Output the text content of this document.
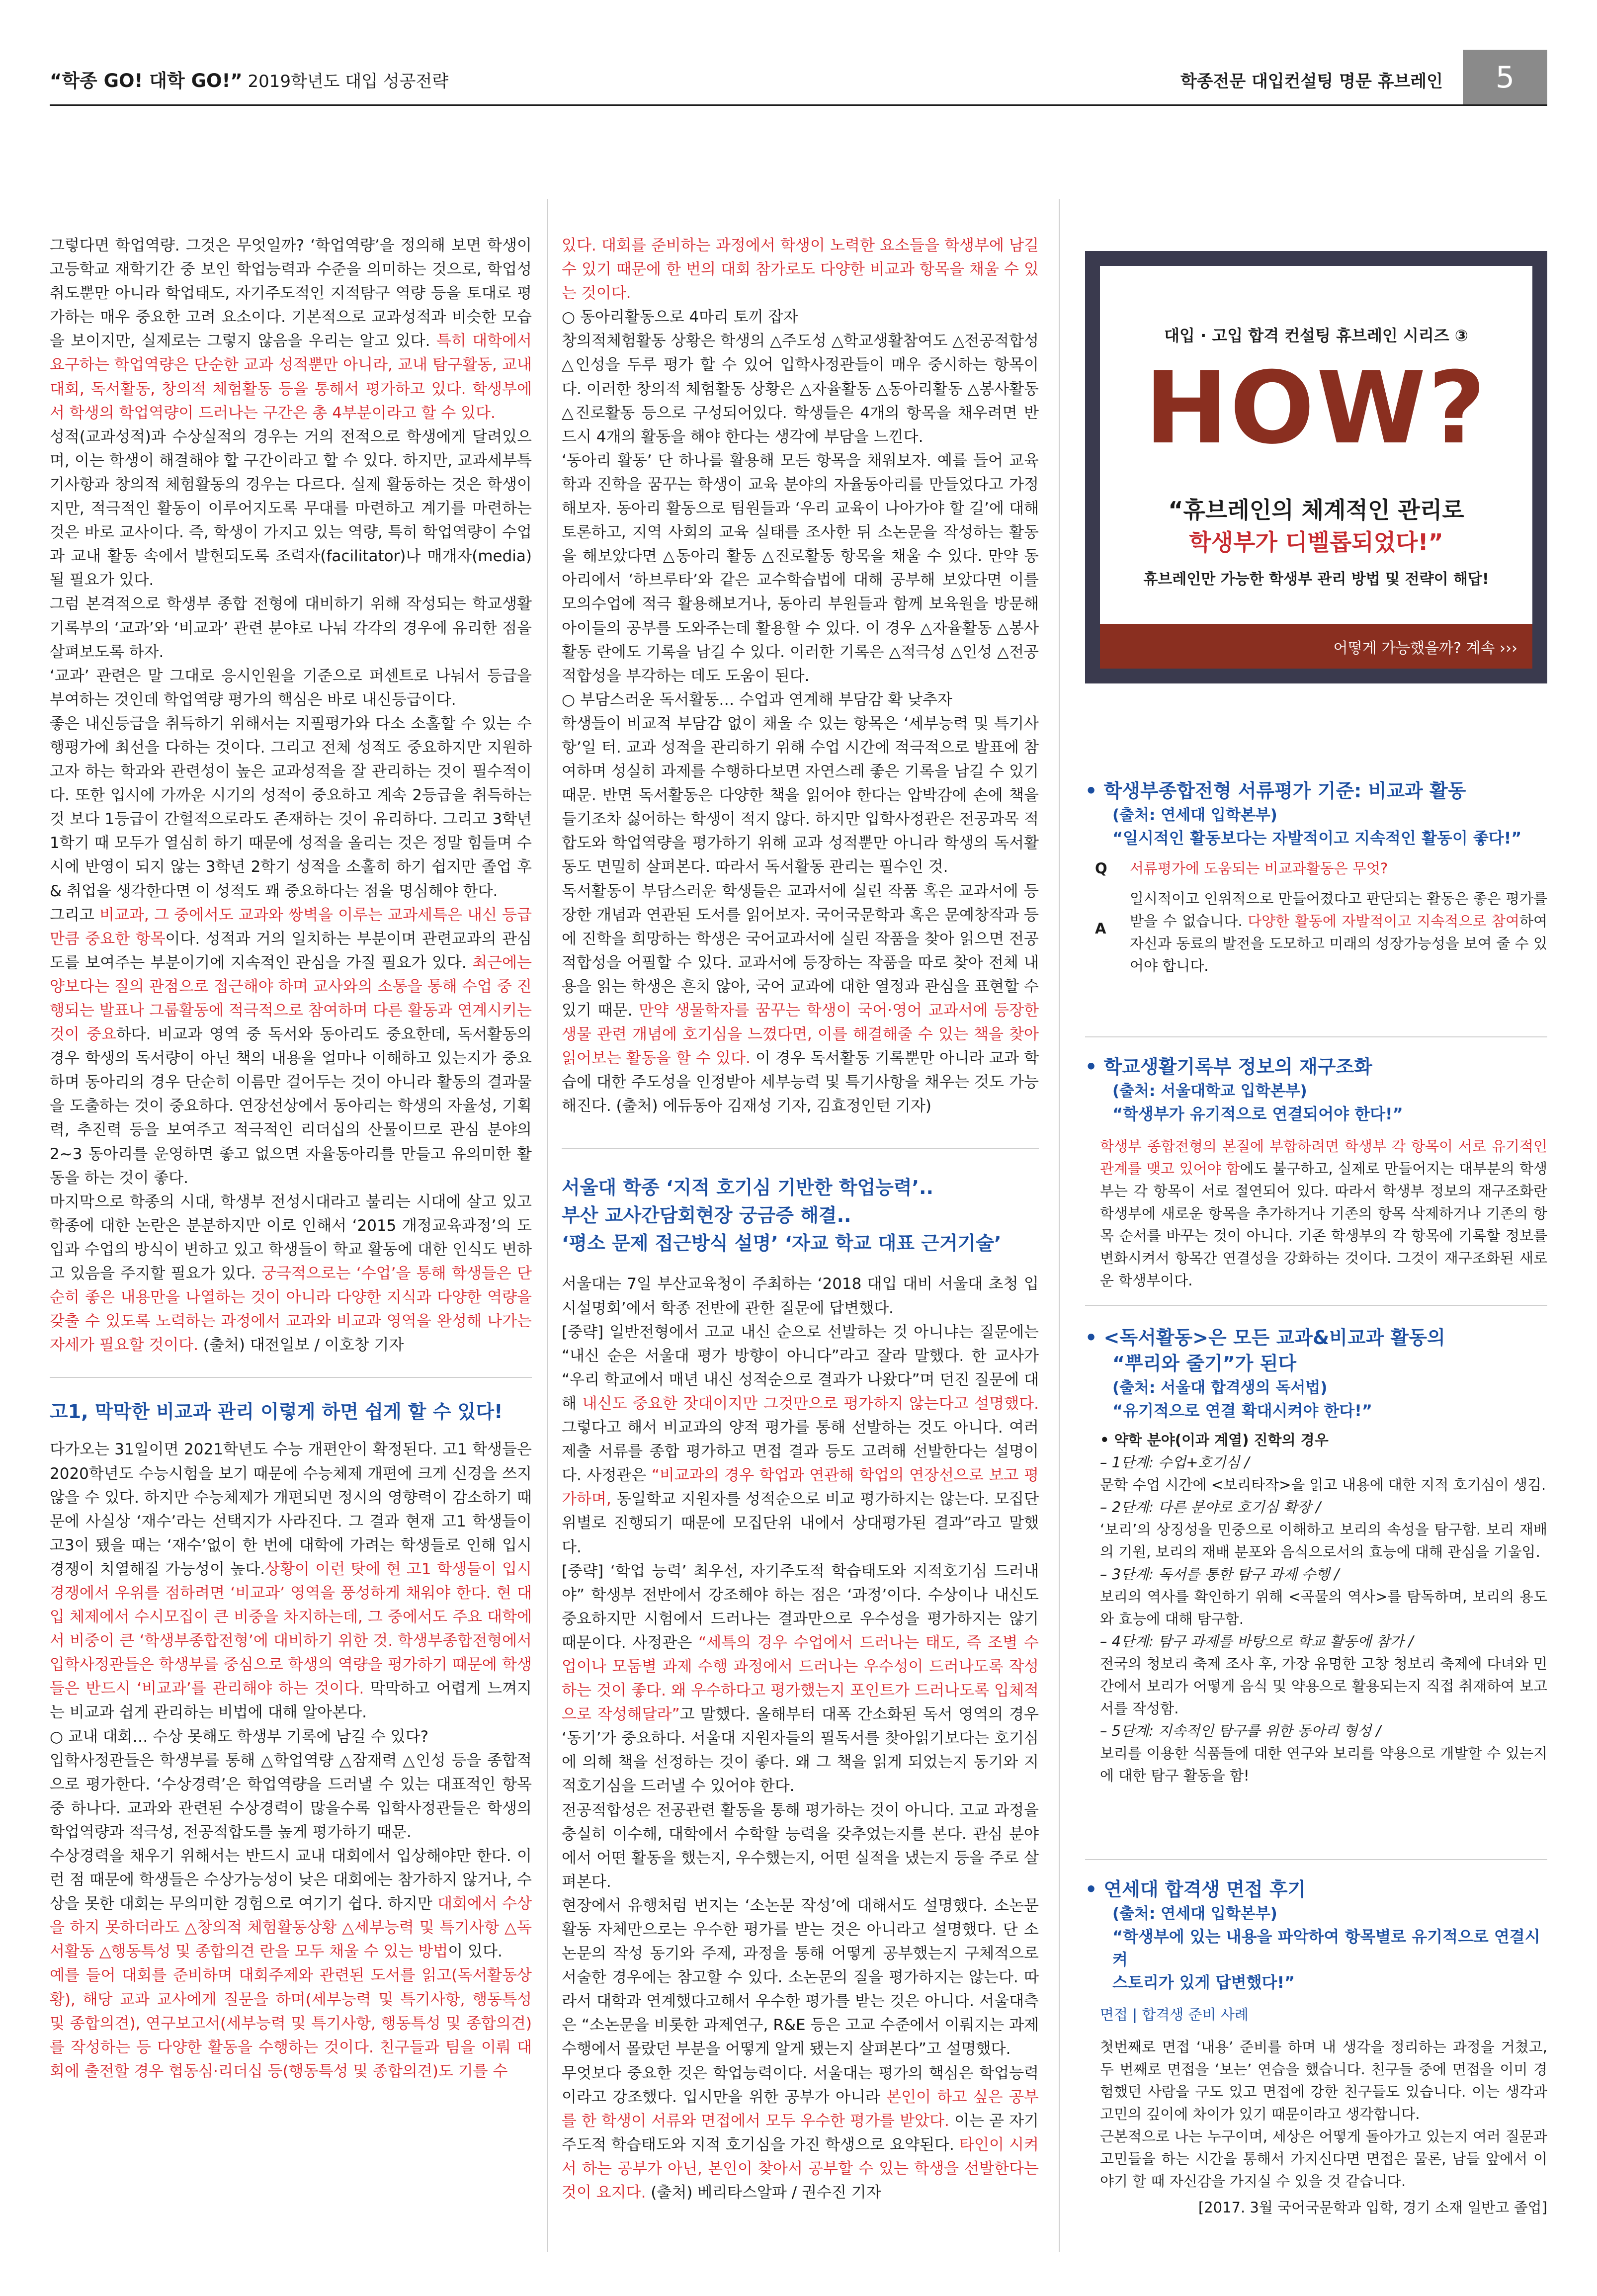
“학종 GO! 대학 GO!” 2019학년도 대입 성공전략	학종전문 대입컨설팅 명문 휴브레인	5

그렇다면 학업역량. 그것은 무엇일까? ‘학업역량’을 정의해 보면 학생이 고등학교 재학기간 중 보인 학업능력과 수준을 의미하는 것으로, 학업성취도뿐만 아니라 학업태도, 자기주도적인 지적탐구 역량 등을 토대로 평가하는 매우 중요한 고려 요소이다. 기본적으로 교과성적과 비슷한 모습을 보이지만, 실제로는 그렇지 않음을 우리는 알고 있다. 특히 대학에서 요구하는 학업역량은 단순한 교과 성적뿐만 아니라, 교내 탐구활동, 교내대회, 독서활동, 창의적 체험활동 등을 통해서 평가하고 있다. 학생부에서 학생의 학업역량이 드러나는 구간은 총 4부분이라고 할 수 있다.

성적(교과성적)과 수상실적의 경우는 거의 전적으로 학생에게 달려있으며, 이는 학생이 해결해야 할 구간이라고 할 수 있다. 하지만, 교과세부특기사항과 창의적 체험활동의 경우는 다르다. 실제 활동하는 것은 학생이지만, 적극적인 활동이 이루어지도록 무대를 마련하고 계기를 마련하는 것은 바로 교사이다. 즉, 학생이 가지고 있는 역량, 특히 학업역량이 수업과 교내 활동 속에서 발현되도록 조력자(facilitator)나 매개자(media) 될 필요가 있다.

그럼 본격적으로 학생부 종합 전형에 대비하기 위해 작성되는 학교생활기록부의 ‘교과’와 ‘비교과’ 관련 분야로 나눠 각각의 경우에 유리한 점을 살펴보도록 하자.

‘교과’ 관련은 말 그대로 응시인원을 기준으로 퍼센트로 나눠서 등급을 부여하는 것인데 학업역량 평가의 핵심은 바로 내신등급이다.

좋은 내신등급을 취득하기 위해서는 지필평가와 다소 소홀할 수 있는 수행평가에 최선을 다하는 것이다. 그리고 전체 성적도 중요하지만 지원하고자 하는 학과와 관련성이 높은 교과성적을 잘 관리하는 것이 필수적이다. 또한 입시에 가까운 시기의 성적이 중요하고 계속 2등급을 취득하는 것 보다 1등급이 간헐적으로라도 존재하는 것이 유리하다. 그리고 3학년 1학기 때 모두가 열심히 하기 때문에 성적을 올리는 것은 정말 힘들며 수시에 반영이 되지 않는 3학년 2학기 성적을 소홀히 하기 쉽지만 졸업 후 & 취업을 생각한다면 이 성적도 꽤 중요하다는 점을 명심해야 한다.

그리고 비교과, 그 중에서도 교과와 쌍벽을 이루는 교과세특은 내신 등급만큼 중요한 항목이다. 성적과 거의 일치하는 부분이며 관련교과의 관심도를 보여주는 부분이기에 지속적인 관심을 가질 필요가 있다. 최근에는 양보다는 질의 관점으로 접근해야 하며 교사와의 소통을 통해 수업 중 진행되는 발표나 그룹활동에 적극적으로 참여하며 다른 활동과 연계시키는 것이 중요하다. 비교과 영역 중 독서와 동아리도 중요한데, 독서활동의 경우 학생의 독서량이 아닌 책의 내용을 얼마나 이해하고 있는지가 중요하며 동아리의 경우 단순히 이름만 걸어두는 것이 아니라 활동의 결과물을 도출하는 것이 중요하다. 연장선상에서 동아리는 학생의 자율성, 기획력, 추진력 등을 보여주고 적극적인 리더십의 산물이므로 관심 분야의 2~3 동아리를 운영하면 좋고 없으면 자율동아리를 만들고 유의미한 활동을 하는 것이 좋다.

마지막으로 학종의 시대, 학생부 전성시대라고 불리는 시대에 살고 있고 학종에 대한 논란은 분분하지만 이로 인해서 ‘2015 개정교육과정’의 도입과 수업의 방식이 변하고 있고 학생들이 학교 활동에 대한 인식도 변하고 있음을 주지할 필요가 있다. 궁극적으로는 ‘수업’을 통해 학생들은 단순히 좋은 내용만을 나열하는 것이 아니라 다양한 지식과 다양한 역량을 갖출 수 있도록 노력하는 과정에서 교과와 비교과 영역을 완성해 나가는 자세가 필요할 것이다. (출처) 대전일보 / 이호창 기자

고1, 막막한 비교과 관리 이렇게 하면 쉽게 할 수 있다!

다가오는 31일이면 2021학년도 수능 개편안이 확정된다. 고1 학생들은 2020학년도 수능시험을 보기 때문에 수능체제 개편에 크게 신경을 쓰지 않을 수 있다. 하지만 수능체제가 개편되면 정시의 영향력이 감소하기 때문에 사실상 ‘재수’라는 선택지가 사라진다. 그 결과 현재 고1 학생들이 고3이 됐을 때는 ‘재수’없이 한 번에 대학에 가려는 학생들로 인해 입시경쟁이 치열해질 가능성이 높다.상황이 이런 탓에 현 고1 학생들이 입시경쟁에서 우위를 점하려면 ‘비교과’ 영역을 풍성하게 채워야 한다. 현 대입 체제에서 수시모집이 큰 비중을 차지하는데, 그 중에서도 주요 대학에서 비중이 큰 ‘학생부종합전형’에 대비하기 위한 것. 학생부종합전형에서 입학사정관들은 학생부를 중심으로 학생의 역량을 평가하기 때문에 학생들은 반드시 ‘비교과’를 관리해야 하는 것이다. 막막하고 어렵게 느껴지는 비교과 쉽게 관리하는 비법에 대해 알아본다.

○ 교내 대회… 수상 못해도 학생부 기록에 남길 수 있다?

입학사정관들은 학생부를 통해 △학업역량 △잠재력 △인성 등을 종합적으로 평가한다. ‘수상경력’은 학업역량을 드러낼 수 있는 대표적인 항목 중 하나다. 교과와 관련된 수상경력이 많을수록 입학사정관들은 학생의 학업역량과 적극성, 전공적합도를 높게 평가하기 때문.

수상경력을 채우기 위해서는 반드시 교내 대회에서 입상해야만 한다. 이런 점 때문에 학생들은 수상가능성이 낮은 대회에는 참가하지 않거나, 수상을 못한 대회는 무의미한 경험으로 여기기 쉽다. 하지만 대회에서 수상을 하지 못하더라도 △창의적 체험활동상황 △세부능력 및 특기사항 △독서활동 △행동특성 및 종합의견 란을 모두 채울 수 있는 방법이 있다.

예를 들어 대회를 준비하며 대회주제와 관련된 도서를 읽고(독서활동상황), 해당 교과 교사에게 질문을 하며(세부능력 및 특기사항, 행동특성 및 종합의견), 연구보고서(세부능력 및 특기사항, 행동특성 및 종합의견)를 작성하는 등 다양한 활동을 수행하는 것이다. 친구들과 팀을 이뤄 대회에 출전할 경우 협동심·리더십 등(행동특성 및 종합의견)도 기를 수

있다. 대회를 준비하는 과정에서 학생이 노력한 요소들을 학생부에 남길 수 있기 때문에 한 번의 대회 참가로도 다양한 비교과 항목을 채울 수 있는 것이다.

○ 동아리활동으로 4마리 토끼 잡자

창의적체험활동 상황은 학생의 △주도성 △학교생활참여도 △전공적합성 △인성을 두루 평가 할 수 있어 입학사정관들이 매우 중시하는 항목이다. 이러한 창의적 체험활동 상황은 △자율활동 △동아리활동 △봉사활동 △진로활동 등으로 구성되어있다. 학생들은 4개의 항목을 채우려면 반드시 4개의 활동을 해야 한다는 생각에 부담을 느낀다.

‘동아리 활동’ 단 하나를 활용해 모든 항목을 채워보자. 예를 들어 교육학과 진학을 꿈꾸는 학생이 교육 분야의 자율동아리를 만들었다고 가정해보자. 동아리 활동으로 팀원들과 ‘우리 교육이 나아가야 할 길’에 대해 토론하고, 지역 사회의 교육 실태를 조사한 뒤 소논문을 작성하는 활동을 해보았다면 △동아리 활동 △진로활동 항목을 채울 수 있다. 만약 동아리에서 ‘하브루타’와 같은 교수학습법에 대해 공부해 보았다면 이를 모의수업에 적극 활용해보거나, 동아리 부원들과 함께 보육원을 방문해 아이들의 공부를 도와주는데 활용할 수 있다. 이 경우 △자율활동 △봉사활동 란에도 기록을 남길 수 있다. 이러한 기록은 △적극성 △인성 △전공적합성을 부각하는 데도 도움이 된다.

○ 부담스러운 독서활동… 수업과 연계해 부담감 확 낮추자

학생들이 비교적 부담감 없이 채울 수 있는 항목은 ‘세부능력 및 특기사항’일 터. 교과 성적을 관리하기 위해 수업 시간에 적극적으로 발표에 참여하며 성실히 과제를 수행하다보면 자연스레 좋은 기록을 남길 수 있기 때문. 반면 독서활동은 다양한 책을 읽어야 한다는 압박감에 손에 책을 들기조차 싫어하는 학생이 적지 않다. 하지만 입학사정관은 전공과목 적합도와 학업역량을 평가하기 위해 교과 성적뿐만 아니라 학생의 독서활동도 면밀히 살펴본다. 따라서 독서활동 관리는 필수인 것.

독서활동이 부담스러운 학생들은 교과서에 실린 작품 혹은 교과서에 등장한 개념과 연관된 도서를 읽어보자. 국어국문학과 혹은 문예창작과 등에 진학을 희망하는 학생은 국어교과서에 실린 작품을 찾아 읽으면 전공적합성을 어필할 수 있다. 교과서에 등장하는 작품을 따로 찾아 전체 내용을 읽는 학생은 흔치 않아, 국어 교과에 대한 열정과 관심을 표현할 수 있기 때문. 만약 생물학자를 꿈꾸는 학생이 국어·영어 교과서에 등장한 생물 관련 개념에 호기심을 느꼈다면, 이를 해결해줄 수 있는 책을 찾아 읽어보는 활동을 할 수 있다. 이 경우 독서활동 기록뿐만 아니라 교과 학습에 대한 주도성을 인정받아 세부능력 및 특기사항을 채우는 것도 가능해진다. (출처) 에듀동아 김재성 기자, 김효정인턴 기자)

서울대 학종 ‘지적 호기심 기반한 학업능력’..
부산 교사간담회현장 궁금증 해결..
‘평소 문제 접근방식 설명’ ‘자교 학교 대표 근거기술’

서울대는 7일 부산교육청이 주최하는 ‘2018 대입 대비 서울대 초청 입시설명회’에서 학종 전반에 관한 질문에 답변했다.

[중략] 일반전형에서 고교 내신 순으로 선발하는 것 아니냐는 질문에는 “내신 순은 서울대 평가 방향이 아니다”라고 잘라 말했다. 한 교사가 “우리 학교에서 매년 내신 성적순으로 결과가 나왔다”며 던진 질문에 대해 내신도 중요한 잣대이지만 그것만으로 평가하지 않는다고 설명했다. 그렇다고 해서 비교과의 양적 평가를 통해 선발하는 것도 아니다. 여러 제출 서류를 종합 평가하고 면접 결과 등도 고려해 선발한다는 설명이다. 사정관은 “비교과의 경우 학업과 연관해 학업의 연장선으로 보고 평가하며, 동일학교 지원자를 성적순으로 비교 평가하지는 않는다. 모집단위별로 진행되기 때문에 모집단위 내에서 상대평가된 결과”라고 말했다.

[중략] ‘학업 능력’ 최우선, 자기주도적 학습태도와 지적호기심 드러내야” 학생부 전반에서 강조해야 하는 점은 ‘과정’이다. 수상이나 내신도 중요하지만 시험에서 드러나는 결과만으로 우수성을 평가하지는 않기 때문이다. 사정관은 “세특의 경우 수업에서 드러나는 태도, 즉 조별 수업이나 모둠별 과제 수행 과정에서 드러나는 우수성이 드러나도록 작성하는 것이 좋다. 왜 우수하다고 평가했는지 포인트가 드러나도록 입체적으로 작성해달라”고 말했다. 올해부터 대폭 간소화된 독서 영역의 경우 ‘동기’가 중요하다. 서울대 지원자들의 필독서를 찾아읽기보다는 호기심에 의해 책을 선정하는 것이 좋다. 왜 그 책을 읽게 되었는지 동기와 지적호기심을 드러낼 수 있어야 한다.

전공적합성은 전공관련 활동을 통해 평가하는 것이 아니다. 고교 과정을 충실히 이수해, 대학에서 수학할 능력을 갖추었는지를 본다. 관심 분야에서 어떤 활동을 했는지, 우수했는지, 어떤 실적을 냈는지 등을 주로 살펴본다.

현장에서 유행처럼 번지는 ‘소논문 작성’에 대해서도 설명했다. 소논문 활동 자체만으로는 우수한 평가를 받는 것은 아니라고 설명했다. 단 소논문의 작성 동기와 주제, 과정을 통해 어떻게 공부했는지 구체적으로 서술한 경우에는 참고할 수 있다. 소논문의 질을 평가하지는 않는다. 따라서 대학과 연계했다고해서 우수한 평가를 받는 것은 아니다. 서울대측은 “소논문을 비롯한 과제연구, R&E 등은 고교 수준에서 이뤄지는 과제 수행에서 몰랐던 부분을 어떻게 알게 됐는지 살펴본다”고 설명했다.

무엇보다 중요한 것은 학업능력이다. 서울대는 평가의 핵심은 학업능력이라고 강조했다. 입시만을 위한 공부가 아니라 본인이 하고 싶은 공부를 한 학생이 서류와 면접에서 모두 우수한 평가를 받았다. 이는 곧 자기주도적 학습태도와 지적 호기심을 가진 학생으로 요약된다. 타인이 시켜서 하는 공부가 아닌, 본인이 찾아서 공부할 수 있는 학생을 선발한다는 것이 요지다. (출처) 베리타스알파 / 권수진 기자

대입 · 고입 합격 컨설팅 휴브레인 시리즈 ③
HOW?
“휴브레인의 체계적인 관리로
학생부가 디벨롭되었다!”
휴브레인만 가능한 학생부 관리 방법 및 전략이 해답!
어떻게 가능했을까? 계속 ›››
• 학생부종합전형 서류평가 기준: 비교과 활동
(출처: 연세대 입학본부)
“일시적인 활동보다는 자발적이고 지속적인 활동이 좋다!”
Q 서류평가에 도움되는 비교과활동은 무엇?
A
일시적이고 인위적으로 만들어졌다고 판단되는 활동은 좋은 평가를 받을 수 없습니다. 다양한 활동에 자발적이고 지속적으로 참여하여 자신과 동료의 발전을 도모하고 미래의 성장가능성을 보여 줄 수 있어야 합니다.
• 학교생활기록부 정보의 재구조화
(출처: 서울대학교 입학본부)
“학생부가 유기적으로 연결되어야 한다!”
학생부 종합전형의 본질에 부합하려면 학생부 각 항목이 서로 유기적인 관계를 맺고 있어야 함에도 불구하고, 실제로 만들어지는 대부분의 학생부는 각 항목이 서로 절연되어 있다. 따라서 학생부 정보의 재구조화란 학생부에 새로운 항목을 추가하거나 기존의 항목 삭제하거나 기존의 항목 순서를 바꾸는 것이 아니다. 기존 학생부의 각 항목에 기록할 정보를 변화시켜서 항목간 연결성을 강화하는 것이다. 그것이 재구조화된 새로운 학생부이다.
• <독서활동>은 모든 교과&비교과 활동의
“뿌리와 줄기”가 된다
(출처: 서울대 합격생의 독서법)
“유기적으로 연결 확대시켜야 한다!”
• 약학 분야(이과 계열) 진학의 경우
– 1단계: 수업+호기심 /
문학 수업 시간에 <보리타작>을 읽고 내용에 대한 지적 호기심이 생김.
– 2단계: 다른 분야로 호기심 확장 /
‘보리’의 상징성을 민중으로 이해하고 보리의 속성을 탐구함. 보리 재배의 기원, 보리의 재배 분포와 음식으로서의 효능에 대해 관심을 기울임.
– 3단계: 독서를 통한 탐구 과제 수행 /
보리의 역사를 확인하기 위해 <곡물의 역사>를 탐독하며, 보리의 용도와 효능에 대해 탐구함.
– 4단계: 탐구 과제를 바탕으로 학교 활동에 참가 /
전국의 청보리 축제 조사 후, 가장 유명한 고창 청보리 축제에 다녀와 민간에서 보리가 어떻게 음식 및 약용으로 활용되는지 직접 취재하여 보고서를 작성함.
– 5단계: 지속적인 탐구를 위한 동아리 형성 /
보리를 이용한 식품들에 대한 연구와 보리를 약용으로 개발할 수 있는지에 대한 탐구 활동을 함!
• 연세대 합격생 면접 후기
(출처: 연세대 입학본부)
“학생부에 있는 내용을 파악하여 항목별로 유기적으로 연결시켜
스토리가 있게 답변했다!”
면접 | 합격생 준비 사례
첫번째로 면접 ‘내용’ 준비를 하며 내 생각을 정리하는 과정을 거쳤고, 두 번째로 면접을 ‘보는’ 연습을 했습니다. 친구들 중에 면접을 이미 경험했던 사람을 구도 있고 면접에 강한 친구들도 있습니다. 이는 생각과 고민의 깊이에 차이가 있기 때문이라고 생각합니다.
근본적으로 나는 누구이며, 세상은 어떻게 돌아가고 있는지 여러 질문과 고민들을 하는 시간을 통해서 가지신다면 면접은 물론, 남들 앞에서 이야기 할 때 자신감을 가지실 수 있을 것 같습니다.
[2017. 3월 국어국문학과 입학, 경기 소재 일반고 졸업]
